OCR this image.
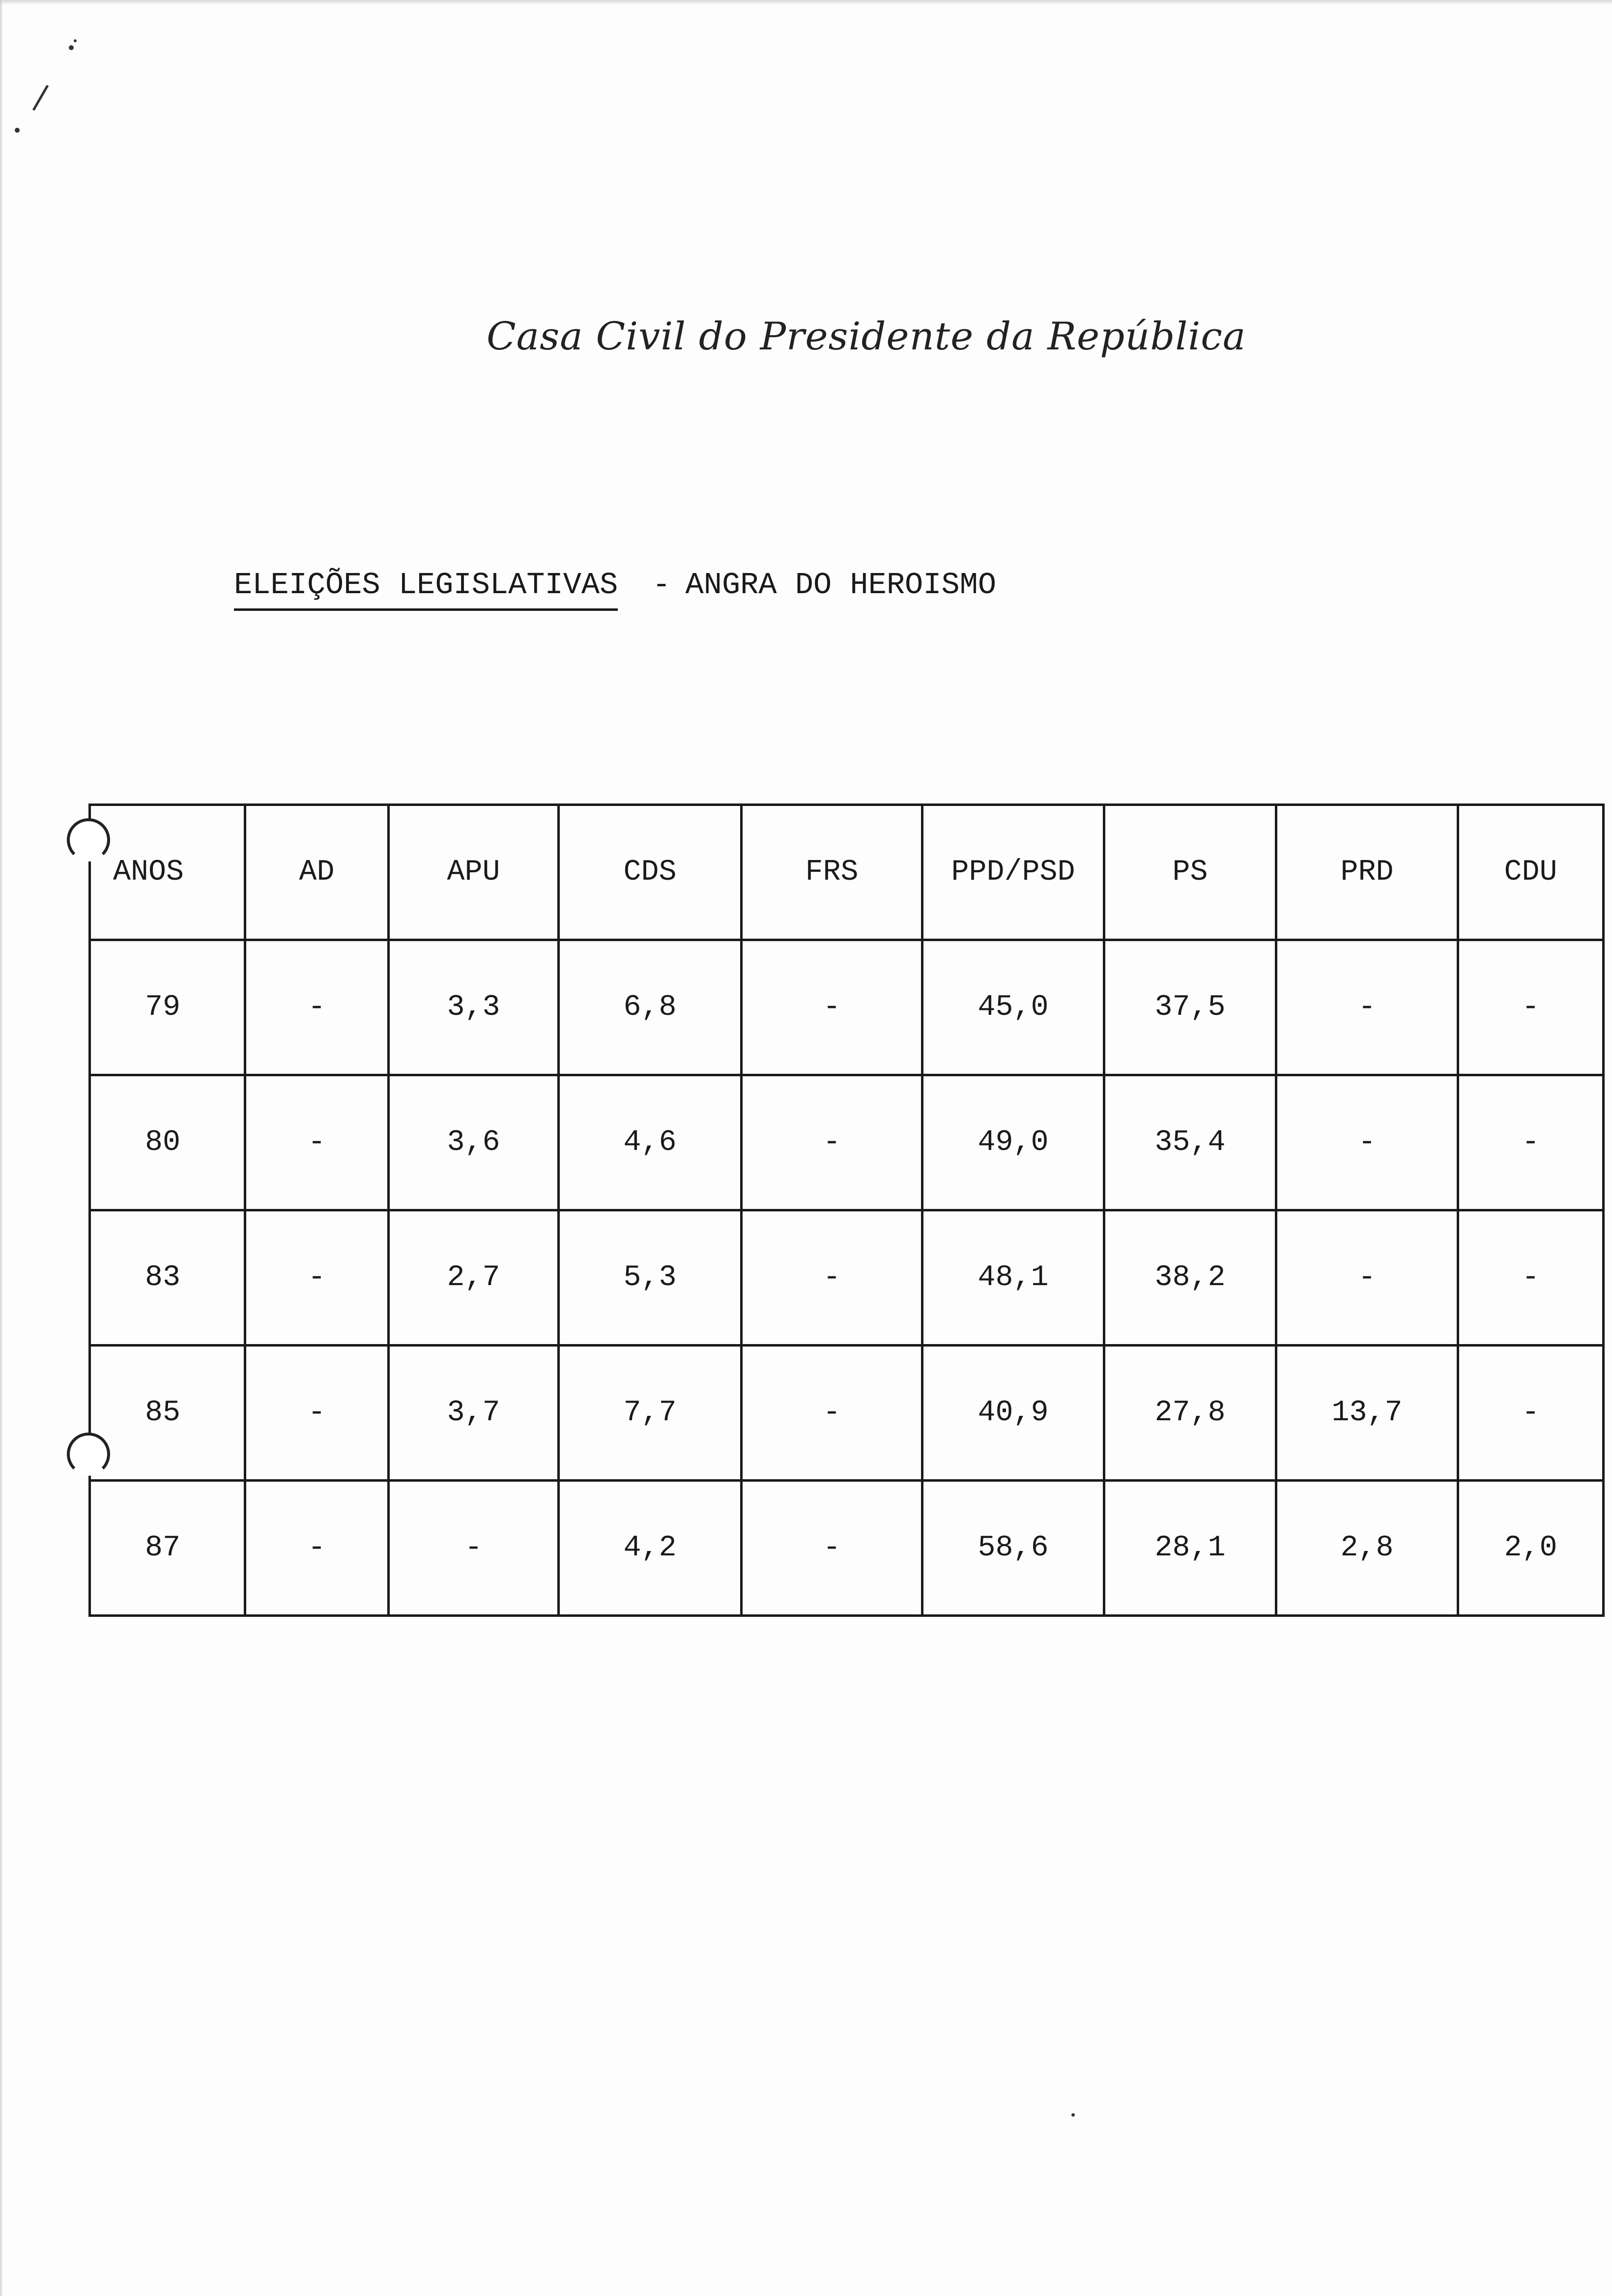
Casa Civil do Presidente da República
ELEIÇÕES LEGISLATIVAS - ANGRA DO HEROISMO
ANOS	AD	APU	CDS	FRS	PPD/PSD	PS	PRD	CDU
79	-	3,3	6,8	-	45,0	37,5	-	-
80	-	3,6	4,6	-	49,0	35,4	-	-
83	-	2,7	5,3	-	48,1	38,2	-	-
85	-	3,7	7,7	-	40,9	27,8	13,7	-
87	-	-	4,2	-	58,6	28,1	2,8	2,0
